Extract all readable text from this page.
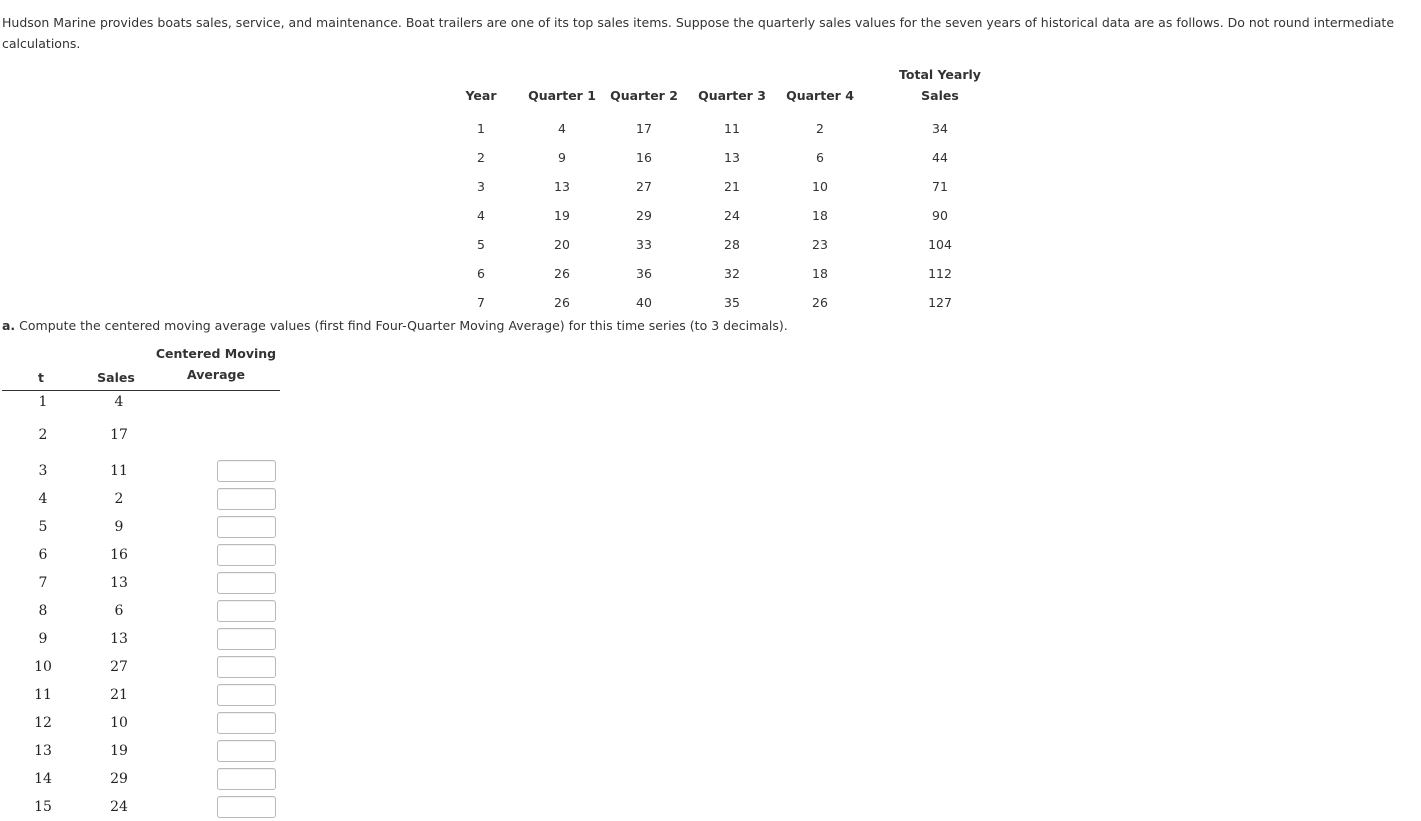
Hudson Marine provides boats sales, service, and maintenance. Boat trailers are one of its top sales items. Suppose the quarterly sales values for the seven years of historical data are as follows. Do not round intermediate calculations.
Year	Quarter 1	Quarter 2	Quarter 3	Quarter 4	Total Yearly
Sales
1	4	17	11	2	34
2	9	16	13	6	44
3	13	27	21	10	71
4	19	29	24	18	90
5	20	33	28	23	104
6	26	36	32	18	112
7	26	40	35	26	127
a. Compute the centered moving average values (first find Four-Quarter Moving Average) for this time series (to 3 decimals).
t	Sales
Centered Moving
Average
1	4
2	17
3	11
4	2
5	9
6	16
7	13
8	6
9	13
10	27
11	21
12	10
13	19
14	29
15	24
